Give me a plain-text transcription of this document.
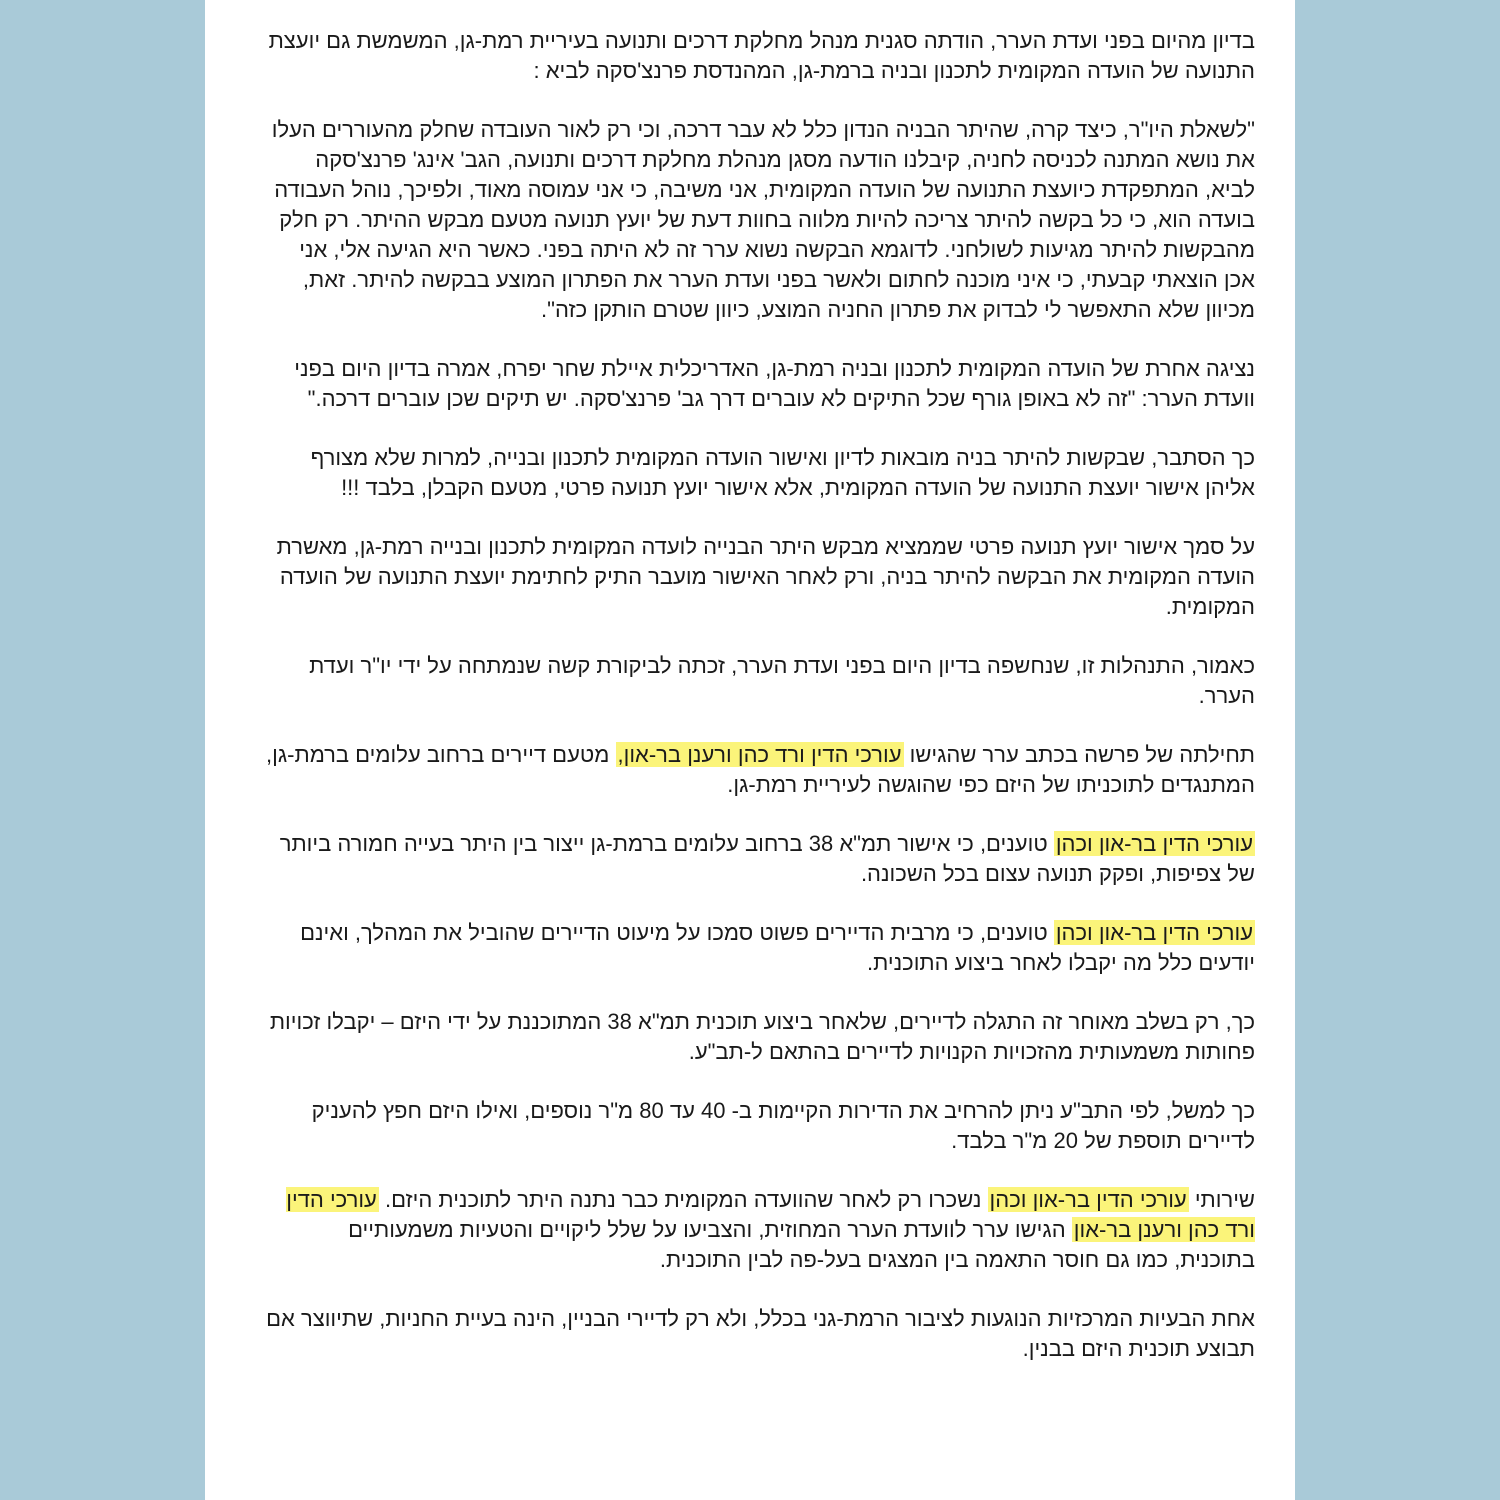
בדיון מהיום בפני ועדת הערר, הודתה סגנית מנהל מחלקת דרכים ותנועה בעיריית רמת-גן, המשמשת גם יועצת התנועה של הועדה המקומית לתכנון ובניה ברמת-גן, המהנדסת פרנצ'סקה לביא :

"לשאלת היו"ר, כיצד קרה, שהיתר הבניה הנדון כלל לא עבר דרכה, וכי רק לאור העובדה שחלק מהעוררים העלו את נושא המתנה לכניסה לחניה, קיבלנו הודעה מסגן מנהלת מחלקת דרכים ותנועה, הגב' אינג' פרנצ'סקה לביא, המתפקדת כיועצת התנועה של הועדה המקומית, אני משיבה, כי אני עמוסה מאוד, ולפיכך, נוהל העבודה בועדה הוא, כי כל בקשה להיתר צריכה להיות מלווה בחוות דעת של יועץ תנועה מטעם מבקש ההיתר. רק חלק מהבקשות להיתר מגיעות לשולחני. לדוגמא הבקשה נשוא ערר זה לא היתה בפני. כאשר היא הגיעה אלי, אני אכן הוצאתי קבעתי, כי איני מוכנה לחתום ולאשר בפני ועדת הערר את הפתרון המוצע בבקשה להיתר. זאת, מכיוון שלא התאפשר לי לבדוק את פתרון החניה המוצע, כיוון שטרם הותקן כזה".

נציגה אחרת של הועדה המקומית לתכנון ובניה רמת-גן, האדריכלית איילת שחר יפרח, אמרה בדיון היום בפני וועדת הערר: "זה לא באופן גורף שכל התיקים לא עוברים דרך גב' פרנצ'סקה. יש תיקים שכן עוברים דרכה."

כך הסתבר, שבקשות להיתר בניה מובאות לדיון ואישור הועדה המקומית לתכנון ובנייה, למרות שלא מצורף אליהן אישור יועצת התנועה של הועדה המקומית, אלא אישור יועץ תנועה פרטי, מטעם הקבלן, בלבד !!!

על סמך אישור יועץ תנועה פרטי שממציא מבקש היתר הבנייה לועדה המקומית לתכנון ובנייה רמת-גן, מאשרת הועדה המקומית את הבקשה להיתר בניה, ורק לאחר האישור מועבר התיק לחתימת יועצת התנועה של הועדה המקומית.

כאמור, התנהלות זו, שנחשפה בדיון היום בפני ועדת הערר, זכתה לביקורת קשה שנמתחה על ידי יו"ר ועדת הערר.

תחילתה של פרשה בכתב ערר שהגישו עורכי הדין ורד כהן ורענן בר-און, מטעם דיירים ברחוב עלומים ברמת-גן, המתנגדים לתוכניתו של היזם כפי שהוגשה לעיריית רמת-גן.

עורכי הדין בר-און וכהן טוענים, כי אישור תמ"א 38 ברחוב עלומים ברמת-גן ייצור בין היתר בעייה חמורה ביותר של צפיפות, ופקק תנועה עצום בכל השכונה.

עורכי הדין בר-און וכהן טוענים, כי מרבית הדיירים פשוט סמכו על מיעוט הדיירים שהוביל את המהלך, ואינם יודעים כלל מה יקבלו לאחר ביצוע התוכנית.

כך, רק בשלב מאוחר זה התגלה לדיירים, שלאחר ביצוע תוכנית תמ"א 38 המתוכננת על ידי היזם – יקבלו זכויות פחותות משמעותית מהזכויות הקנויות לדיירים בהתאם ל-תב"ע.

כך למשל, לפי התב"ע ניתן להרחיב את הדירות הקיימות ב- 40 עד 80 מ"ר נוספים, ואילו היזם חפץ להעניק לדיירים תוספת של 20 מ"ר בלבד.

שירותי עורכי הדין בר-און וכהן נשכרו רק לאחר שהוועדה המקומית כבר נתנה היתר לתוכנית היזם. עורכי הדין ורד כהן ורענן בר-און הגישו ערר לוועדת הערר המחוזית, והצביעו על שלל ליקויים והטעיות משמעותיים בתוכנית, כמו גם חוסר התאמה בין המצגים בעל-פה לבין התוכנית.

אחת הבעיות המרכזיות הנוגעות לציבור הרמת-גני בכלל, ולא רק לדיירי הבניין, הינה בעיית החניות, שתיווצר אם תבוצע תוכנית היזם בבנין.
